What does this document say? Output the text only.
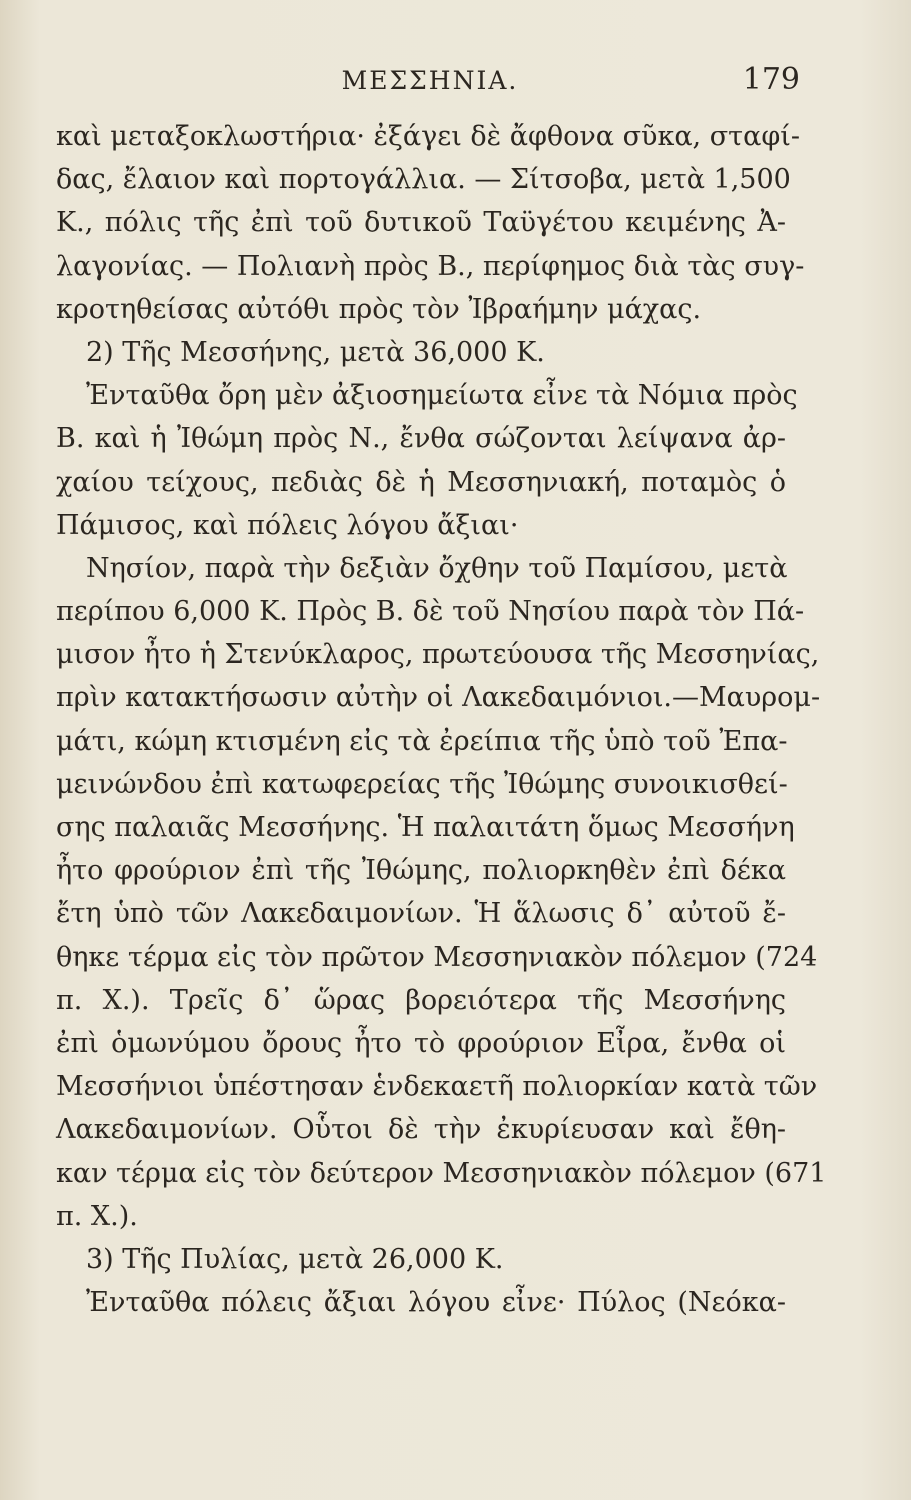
ΜΕΣΣΗΝΙΑ.	179
καὶ μεταξοκλωστήρια· ἐξάγει δὲ ἄφθονα σῦκα, σταφί-
δας, ἔλαιον καὶ πορτογάλλια. — Σίτσοβα, μετὰ 1,500
Κ., πόλις τῆς ἐπὶ τοῦ δυτικοῦ Ταϋγέτου κειμένης Ἀ-
λαγονίας. — Πολιανὴ πρὸς Β., περίφημος διὰ τὰς συγ-
κροτηθείσας αὐτόθι πρὸς τὸν Ἰβραήμην μάχας.
2) Τῆς Μεσσήνης, μετὰ 36,000 Κ.
Ἐνταῦθα ὄρη μὲν ἀξιοσημείωτα εἶνε τὰ Νόμια πρὸς
Β. καὶ ἡ Ἰθώμη πρὸς Ν., ἔνθα σώζονται λείψανα ἀρ-
χαίου τείχους, πεδιὰς δὲ ἡ Μεσσηνιακή, ποταμὸς ὁ
Πάμισος, καὶ πόλεις λόγου ἄξιαι·
Νησίον, παρὰ τὴν δεξιὰν ὄχθην τοῦ Παμίσου, μετὰ
περίπου 6,000 Κ. Πρὸς Β. δὲ τοῦ Νησίου παρὰ τὸν Πά-
μισον ἦτο ἡ Στενύκλαρος, πρωτεύουσα τῆς Μεσσηνίας,
πρὶν κατακτήσωσιν αὐτὴν οἱ Λακεδαιμόνιοι.—Μαυρομ-
μάτι, κώμη κτισμένη εἰς τὰ ἐρείπια τῆς ὑπὸ τοῦ Ἐπα-
μεινώνδου ἐπὶ κατωφερείας τῆς Ἰθώμης συνοικισθεί-
σης παλαιᾶς Μεσσήνης. Ἡ παλαιτάτη ὅμως Μεσσήνη
ἦτο φρούριον ἐπὶ τῆς Ἰθώμης, πολιορκηθὲν ἐπὶ δέκα
ἔτη ὑπὸ τῶν Λακεδαιμονίων. Ἡ ἅλωσις δ᾽ αὐτοῦ ἔ-
θηκε τέρμα εἰς τὸν πρῶτον Μεσσηνιακὸν πόλεμον (724
π. Χ.). Τρεῖς δ᾽ ὥρας βορειότερα τῆς Μεσσήνης
ἐπὶ ὁμωνύμου ὄρους ἦτο τὸ φρούριον Εἶρα, ἔνθα οἱ
Μεσσήνιοι ὑπέστησαν ἑνδεκαετῆ πολιορκίαν κατὰ τῶν
Λακεδαιμονίων. Οὗτοι δὲ τὴν ἐκυρίευσαν καὶ ἔθη-
καν τέρμα εἰς τὸν δεύτερον Μεσσηνιακὸν πόλεμον (671
π. Χ.).
3) Τῆς Πυλίας, μετὰ 26,000 Κ.
Ἐνταῦθα πόλεις ἄξιαι λόγου εἶνε· Πύλος (Νεόκα-
